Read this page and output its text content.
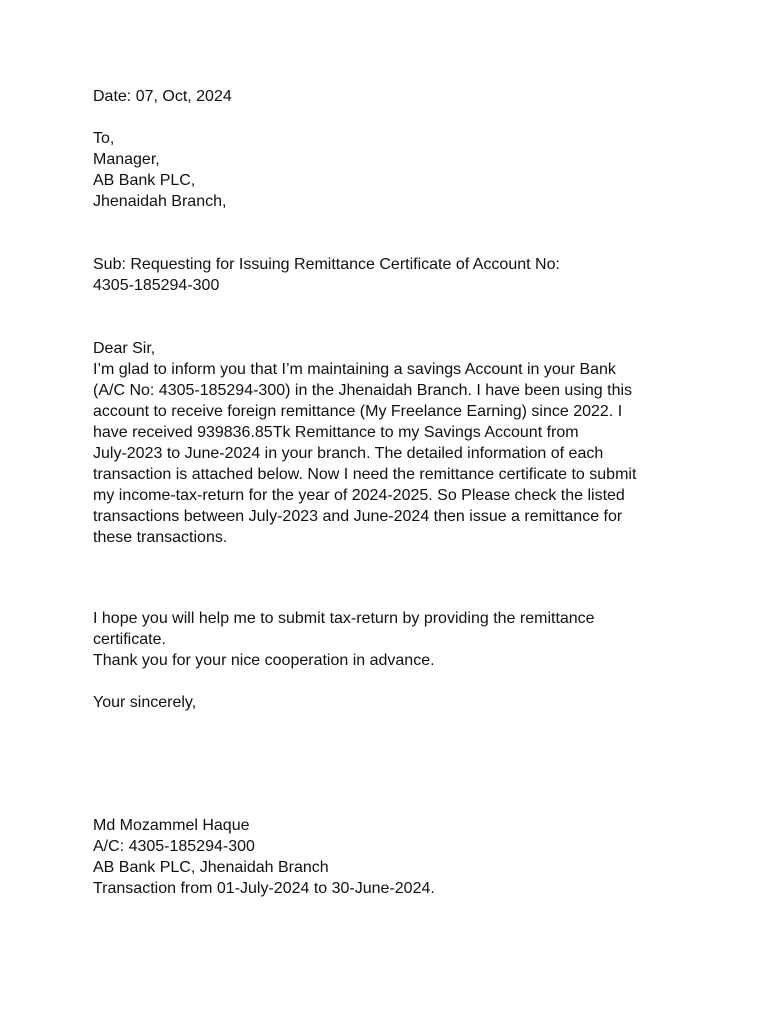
Date: 07, Oct, 2024
To,
Manager,
AB Bank PLC,
Jhenaidah Branch,
Sub: Requesting for Issuing Remittance Certificate of Account No:
4305-185294-300
Dear Sir,
I’m glad to inform you that I’m maintaining a savings Account in your Bank
(A/C No: 4305-185294-300) in the Jhenaidah Branch. I have been using this
account to receive foreign remittance (My Freelance Earning) since 2022. I
have received 939836.85Tk Remittance to my Savings Account from
July-2023 to June-2024 in your branch. The detailed information of each
transaction is attached below. Now I need the remittance certificate to submit
my income-tax-return for the year of 2024-2025. So Please check the listed
transactions between July-2023 and June-2024 then issue a remittance for
these transactions.
I hope you will help me to submit tax-return by providing the remittance
certificate.
Thank you for your nice cooperation in advance.
Your sincerely,
Md Mozammel Haque
A/C: 4305-185294-300
AB Bank PLC, Jhenaidah Branch
Transaction from 01-July-2024 to 30-June-2024.
